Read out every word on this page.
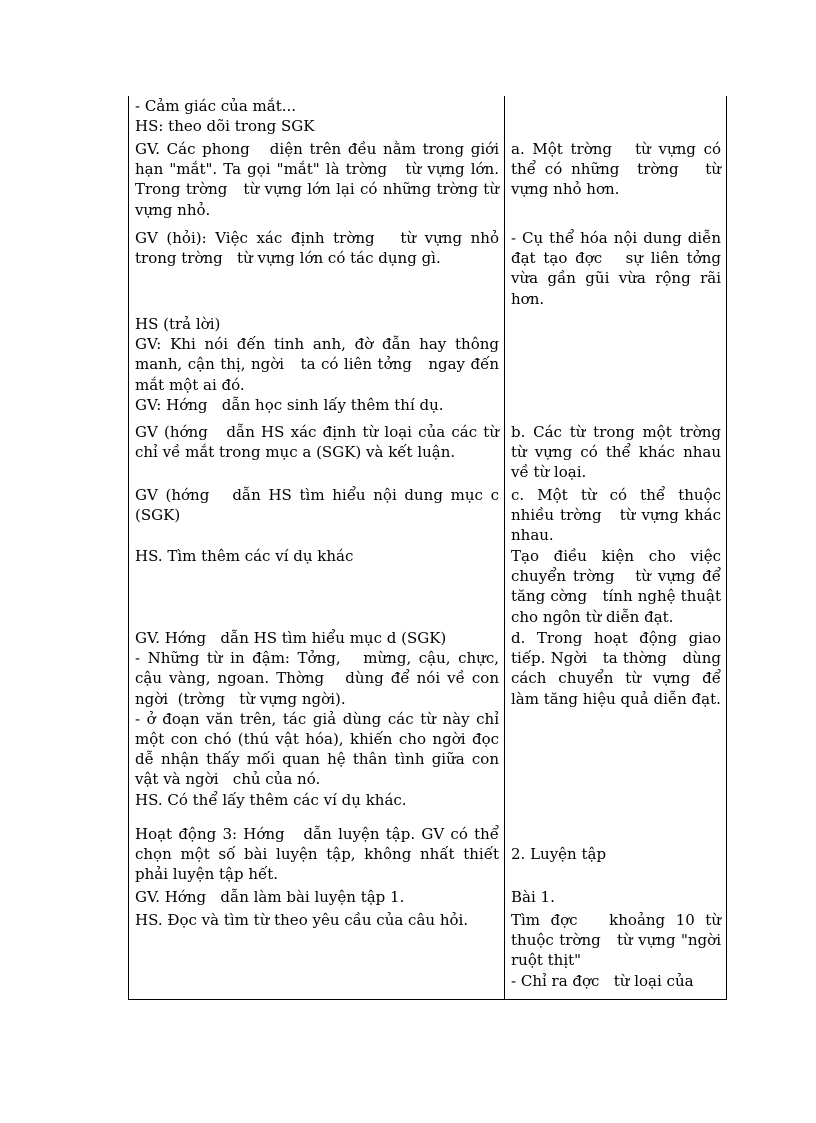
- Cảm giác của mắt...
HS: theo dõi trong SGK	

GV. Các phong   diện trên đều nằm trong giới hạn "mắt". Ta gọi "mắt" là trờng   từ vựng lớn. Trong trờng   từ vựng lớn lại có những trờng từ vựng nhỏ.	a. Một trờng   từ vựng có thể có những  trờng   từ vựng nhỏ hơn.

GV (hỏi): Việc xác định trờng   từ vựng nhỏ trong trờng   từ vựng lớn có tác dụng gì.	- Cụ thể hóa nội dung diễn đạt tạo đợc   sự liên tởng   vừa gần gũi vừa rộng rãi hơn.

HS (trả lời)
GV: Khi nói đến tinh anh, đờ đẫn hay thông manh, cận thị, ngời   ta có liên tởng   ngay đến mắt một ai đó.
GV: Hớng   dẫn học sinh lấy thêm thí dụ.	

GV (hớng   dẫn HS xác định từ loại của các từ chỉ về mắt trong mục a (SGK) và kết luận.	b. Các từ trong một trờng từ vựng có thể khác nhau về từ loại.

GV (hớng   dẫn HS tìm hiểu nội dung mục c (SGK)	c. Một từ có thể thuộc nhiều trờng   từ vựng khác nhau.

HS. Tìm thêm các ví dụ khác	Tạo điều kiện cho việc chuyển trờng   từ vựng để tăng cờng   tính nghệ thuật cho ngôn từ diễn đạt.

GV. Hớng   dẫn HS tìm hiểu mục d (SGK)
- Những từ in đậm: Tởng,   mừng, cậu, chực, cậu vàng, ngoan. Thờng   dùng để nói về con ngời  (trờng   từ vựng ngời).
- ở đoạn văn trên, tác giả dùng các từ này chỉ một con chó (thú vật hóa), khiến cho ngời đọc dễ nhận thấy mối quan hệ thân tình giữa con vật và ngời   chủ của nó.
HS. Có thể lấy thêm các ví dụ khác.	d. Trong hoạt động giao tiếp. Ngời   ta thờng   dùng cách chuyển từ vựng để làm tăng hiệu quả diễn đạt.

Hoạt động 3: Hớng   dẫn luyện tập. GV có thể chọn một số bài luyện tập, không nhất thiết phải luyện tập hết.	2. Luyện tập

GV. Hớng   dẫn làm bài luyện tập 1.	Bài 1.

HS. Đọc và tìm từ theo yêu cầu của câu hỏi.	Tìm đợc   khoảng 10 từ thuộc trờng   từ vựng "ngời   ruột thịt"
- Chỉ ra đợc   từ loại của
